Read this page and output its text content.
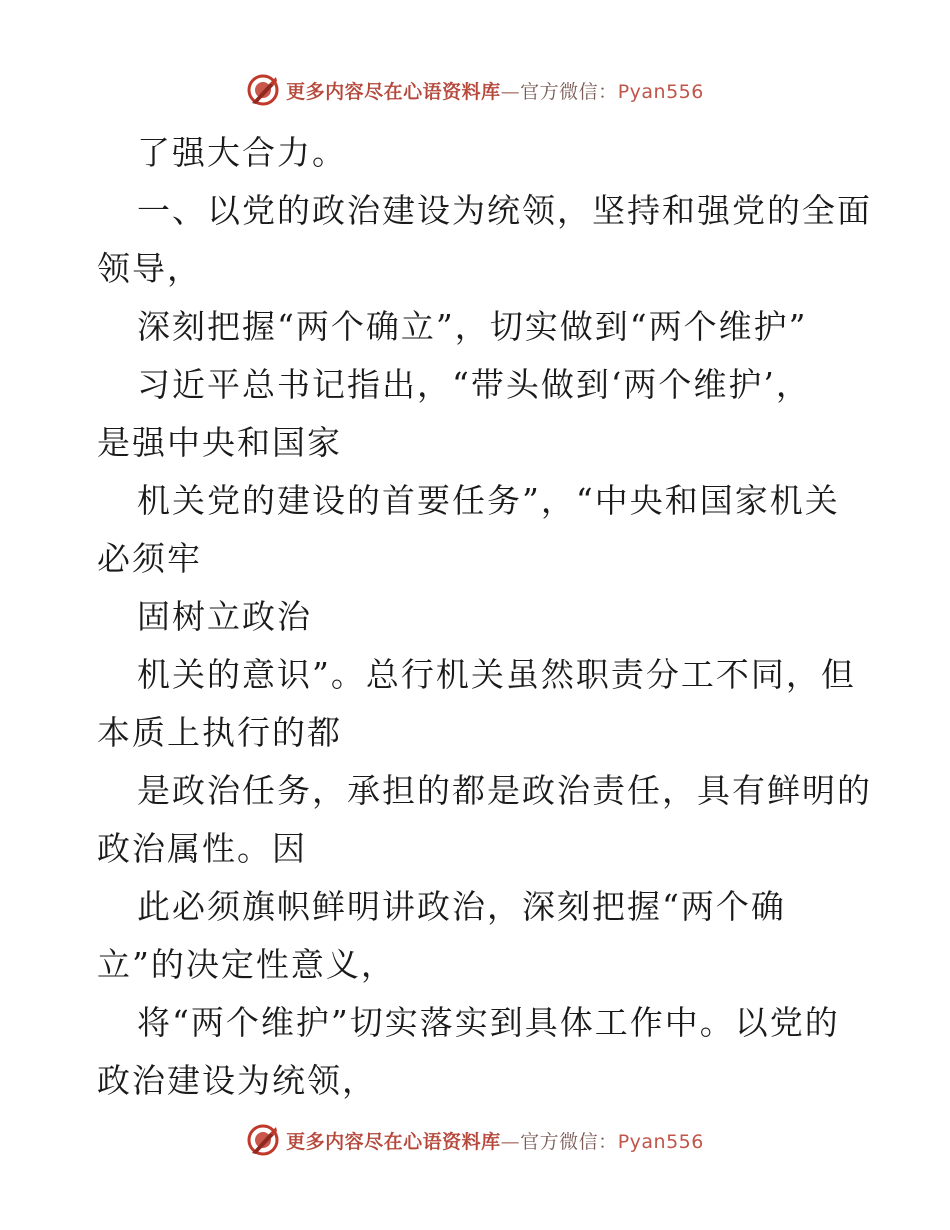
更多内容尽在心语资料库—官方微信：Pyan556
了强大合力。
一、以党的政治建设为统领，坚持和强党的全面
领导，
深刻把握“两个确立”，切实做到“两个维护”
习近平总书记指出，“带头做到‘两个维护’，
是强中央和国家
机关党的建设的首要任务”，“中央和国家机关
必须牢
固树立政治
机关的意识”。总行机关虽然职责分工不同，但
本质上执行的都
是政治任务，承担的都是政治责任，具有鲜明的
政治属性。因
此必须旗帜鲜明讲政治，深刻把握“两个确
立”的决定性意义，
将“两个维护”切实落实到具体工作中。以党的
政治建设为统领，
更多内容尽在心语资料库—官方微信：Pyan556
